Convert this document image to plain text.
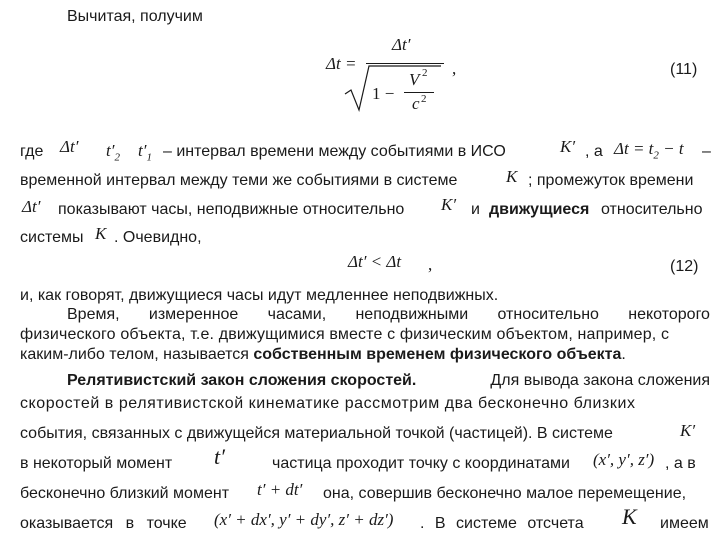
Вычитая, получим
Δt =
Δt′
1 −
V 2
c 2
,	(11)
где Δt′ $t'_2$ $t'_1$ – интервал времени между событиями в ИСО	K′ , а $\Delta t = t_2 - t$ –
временной интервал между теми же событиями в системе	K ; промежуток времени
Δt′ показывают часы, неподвижные относительно K′ и движущиеся относительно
системы K . Очевидно,
Δt′ < Δt ,	(12)
и, как говорят, движущиеся часы идут медленнее неподвижных.
Время, измеренное часами, неподвижными относительно некоторого
физического объекта, т.е. движущимися вместе с физическим объектом, например, с
каким-либо телом, называется собственным временем физического объекта.
Релятивистский закон сложения скоростей.	Для вывода закона сложения
скоростей в релятивистской кинематике рассмотрим два бесконечно близких
события, связанных с движущейся материальной точкой (частицей). В системе	K′
в некоторый момент t′	частица проходит точку с координатами (x′, y′, z′) , а в
бесконечно близкий момент t′ + dt′ она, совершив бесконечно малое перемещение,
оказывается в точке (x′ + dx′, y′ + dy′, z′ + dz′) . В системе отсчета K имеем
